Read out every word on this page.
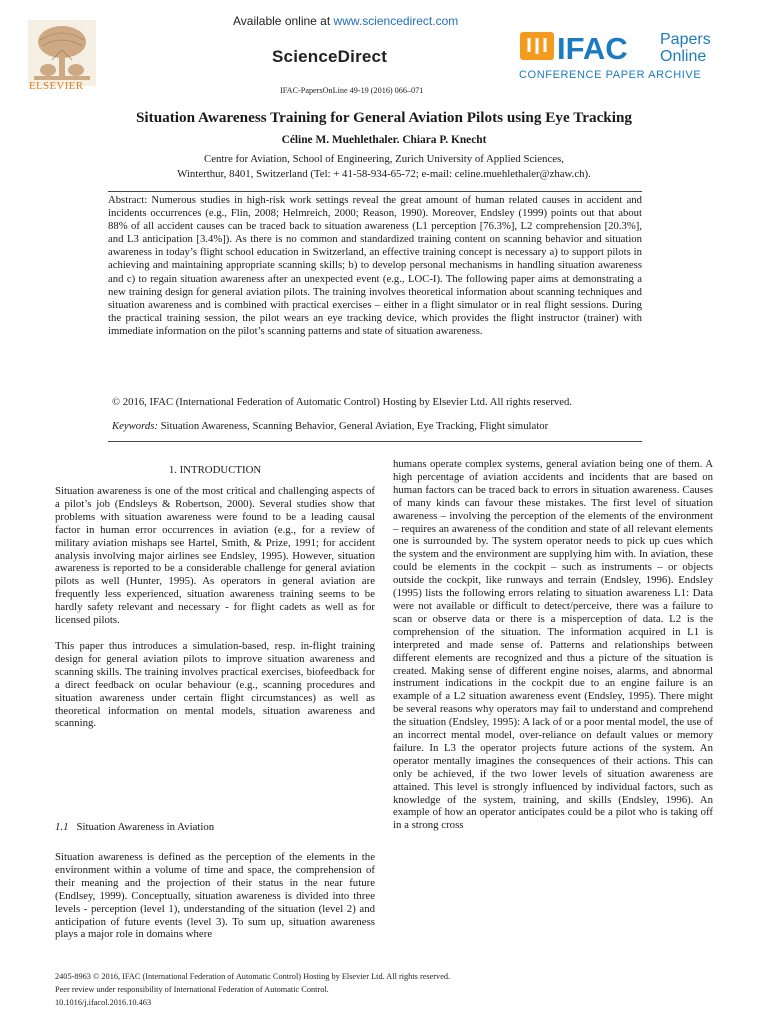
Available online at www.sciencedirect.com
ScienceDirect
IFAC-PapersOnLine 49-19 (2016) 066–071
ELSEVIER
IFAC Papers
Online
CONFERENCE PAPER ARCHIVE
Situation Awareness Training for General Aviation Pilots using Eye Tracking
Céline M. Muehlethaler. Chiara P. Knecht
Centre for Aviation, School of Engineering, Zurich University of Applied Sciences,
Winterthur, 8401, Switzerland (Tel: + 41-58-934-65-72; e-mail: celine.muehlethaler@zhaw.ch).
Abstract: Numerous studies in high-risk work settings reveal the great amount of human related causes in accident and incidents occurrences (e.g., Flin, 2008; Helmreich, 2000; Reason, 1990). Moreover, Endsley (1999) points out that about 88% of all accident causes can be traced back to situation awareness (L1 perception [76.3%], L2 comprehension [20.3%], and L3 anticipation [3.4%]). As there is no common and standardized training content on scanning behavior and situation awareness in today’s flight school education in Switzerland, an effective training concept is necessary a) to support pilots in achieving and maintaining appropriate scanning skills; b) to develop personal mechanisms in handling situation awareness and c) to regain situation awareness after an unexpected event (e.g., LOC-I). The following paper aims at demonstrating a new training design for general aviation pilots. The training involves theoretical information about scanning techniques and situation awareness and is combined with practical exercises – either in a flight simulator or in real flight sessions. During the practical training session, the pilot wears an eye tracking device, which provides the flight instructor (trainer) with immediate information on the pilot’s scanning patterns and state of situation awareness.
© 2016, IFAC (International Federation of Automatic Control) Hosting by Elsevier Ltd. All rights reserved.
Keywords: Situation Awareness, Scanning Behavior, General Aviation, Eye Tracking, Flight simulator
1. INTRODUCTION

Situation awareness is one of the most critical and challenging aspects of a pilot’s job (Endsleys & Robertson, 2000). Several studies show that problems with situation awareness were found to be a leading causal factor in human error occurrences in aviation (e.g., for a review of military aviation mishaps see Hartel, Smith, & Prize, 1991; for accident analysis involving major airlines see Endsley, 1995). However, situation awareness is reported to be a considerable challenge for general aviation pilots as well (Hunter, 1995). As operators in general aviation are frequently less experienced, situation awareness training seems to be hardly safety relevant and necessary - for flight cadets as well as for licensed pilots.

This paper thus introduces a simulation-based, resp. in-flight training design for general aviation pilots to improve situation awareness and scanning skills. The training involves practical exercises, biofeedback for a direct feedback on ocular behaviour (e.g., scanning procedures and situation awareness under certain flight circumstances) as well as theoretical information on mental models, situation awareness and scanning.

1.1 Situation Awareness in Aviation

Situation awareness is defined as the perception of the elements in the environment within a volume of time and space, the comprehension of their meaning and the projection of their status in the near future (Endlsey, 1999). Conceptually, situation awareness is divided into three levels - perception (level 1), understanding of the situation (level 2) and anticipation of future events (level 3). To sum up, situation awareness plays a major role in domains where

humans operate complex systems, general aviation being one of them. A high percentage of aviation accidents and incidents that are based on human factors can be traced back to errors in situation awareness. Causes of many kinds can favour these mistakes. The first level of situation awareness – involving the perception of the elements of the environment – requires an awareness of the condition and state of all relevant elements one is surrounded by. The system operator needs to pick up cues which the system and the environment are supplying him with. In aviation, these could be elements in the cockpit – such as instruments – or objects outside the cockpit, like runways and terrain (Endsley, 1996). Endsley (1995) lists the following errors relating to situation awareness L1: Data were not available or difficult to detect/perceive, there was a failure to scan or observe data or there is a misperception of data. L2 is the comprehension of the situation. The information acquired in L1 is interpreted and made sense of. Patterns and relationships between different elements are recognized and thus a picture of the situation is created. Making sense of different engine noises, alarms, and abnormal instrument indications in the cockpit due to an engine failure is an example of a L2 situation awareness event (Endsley, 1995). There might be several reasons why operators may fail to understand and comprehend the situation (Endsley, 1995): A lack of or a poor mental model, the use of an incorrect mental model, over-reliance on default values or memory failure. In L3 the operator projects future actions of the system. An operator mentally imagines the consequences of their actions. This can only be achieved, if the two lower levels of situation awareness are attained. This level is strongly influenced by individual factors, such as knowledge of the system, training, and skills (Endsley, 1996). An example of how an operator anticipates could be a pilot who is taking off in a strong cross

2405-8963 © 2016, IFAC (International Federation of Automatic Control) Hosting by Elsevier Ltd. All rights reserved.
Peer review under responsibility of International Federation of Automatic Control.
10.1016/j.ifacol.2016.10.463
